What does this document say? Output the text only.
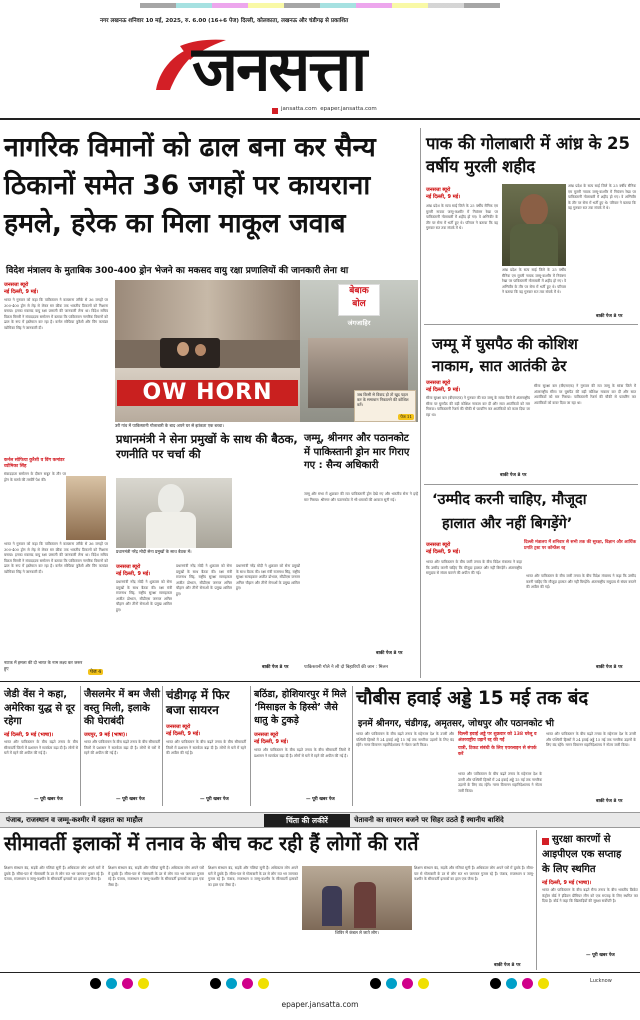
नगर लखनऊ शनिवार 10 मई, 2025, रु. 6.00 (16+6 पेज) दिल्ली, कोलकाता, लखनऊ और चंडीगढ़ से प्रकाशित
जनसत्ता
jansatta.com  epaper.jansatta.com
नागरिक विमानों को ढाल बना कर सैन्य
ठिकानों समेत 36 जगहों पर कायराना
हमले, हरेक का मिला माकूल जवाब
विदेश मंत्रालय के मुताबिक 300-400 ड्रोन भेजने का मकसद वायु रक्षा प्रणालियों की जानकारी लेना था
जनसत्ता ब्यूरो
नई दिल्ली, 9 मई।
भारत ने गुरुवार को कहा कि पाकिस्तान ने कायराना तरीके से 36 जगहों पर 300-400 ड्रोन से लेह से लेकर सर क्रीक तक भारतीय ठिकानों को निशाना बनाया। इनका मकसद वायु रक्षा प्रणाली की जानकारी लेना था। विदेश सचिव विक्रम मिसरी ने संवाददाता सम्मेलन में बताया कि पाकिस्तान नागरिक विमानों को ढाल के रूप में इस्तेमाल कर रहा है। कर्नल सोफिया कुरैशी और विंग कमांडर व्योमिका सिंह ने जानकारी दी।
कर्नल सोफिया कुरैशी व विंग कमांडर व्योमिका सिंह
संवाददाता सम्मेलन के दौरान सबूत के तौर पर ड्रोन के मलबे की तस्वीरें पेश कीं।
भारत ने गुरुवार को कहा कि पाकिस्तान ने कायराना तरीके से 36 जगहों पर 300-400 ड्रोन से लेह से लेकर सर क्रीक तक भारतीय ठिकानों को निशाना बनाया। इनका मकसद वायु रक्षा प्रणाली की जानकारी लेना था। विदेश सचिव विक्रम मिसरी ने संवाददाता सम्मेलन में बताया कि पाकिस्तान नागरिक विमानों को ढाल के रूप में इस्तेमाल कर रहा है। कर्नल सोफिया कुरैशी और विंग कमांडर व्योमिका सिंह ने जानकारी दी।
पेज 4
नाटक में हमला की दो भारत के नाम लक्ष्य कर जरूर हुए
OW HORN
उरी गांव में पाकिस्तानी गोलाबारी के बाद अपने घर से झांकता एक बच्चा।
बेबाक
बोल
जंगजाहिर
जब किसी से विवाद हो तो खुद पहल कर के समाधान निकालने की कोशिश करें।
पेज 11
प्रधानमंत्री ने सेना प्रमुखों के साथ की बैठक, रणनीति पर चर्चा की
प्रधानमंत्री नरेंद्र मोदी सेना प्रमुखों के साथ बैठक में।
जनसत्ता ब्यूरो
नई दिल्ली, 9 मई।
प्रधानमंत्री नरेंद्र मोदी ने शुक्रवार को सेना प्रमुखों के साथ बैठक की। रक्षा मंत्री राजनाथ सिंह, राष्ट्रीय सुरक्षा सलाहकार अजीत डोभाल, सीडीएस जनरल अनिल चौहान और तीनों सेनाओं के प्रमुख शामिल हुए।
प्रधानमंत्री नरेंद्र मोदी ने शुक्रवार को सेना प्रमुखों के साथ बैठक की। रक्षा मंत्री राजनाथ सिंह, राष्ट्रीय सुरक्षा सलाहकार अजीत डोभाल, सीडीएस जनरल अनिल चौहान और तीनों सेनाओं के प्रमुख शामिल हुए।
प्रधानमंत्री नरेंद्र मोदी ने शुक्रवार को सेना प्रमुखों के साथ बैठक की। रक्षा मंत्री राजनाथ सिंह, राष्ट्रीय सुरक्षा सलाहकार अजीत डोभाल, सीडीएस जनरल अनिल चौहान और तीनों सेनाओं के प्रमुख शामिल हुए।
बाकी पेज 8 पर
जम्मू, श्रीनगर और पठानकोट में पाकिस्तानी ड्रोन मार गिराए गए : सैन्य अधिकारी
जम्मू और संभा में शुक्रवार की रात पाकिस्तानी ड्रोन देखे गए और भारतीय सेना ने इन्हें मार गिराया। श्रीनगर और पठानकोट में भी धमाकों की आवाज सुनी गई।
बाकी पेज 8 पर
पाकिस्तानी गोले ने ली दो बिहारियों की जान : मिलन
पाक की गोलाबारी में आंध्र के 25 वर्षीय मुरली शहीद
जनसत्ता ब्यूरो
नई दिल्ली, 9 मई।
आंध्र प्रदेश के सत्य साई जिले के 25 वर्षीय सैनिक एम मुरली नायक जम्मू-कश्मीर में नियंत्रण रेखा पर पाकिस्तानी गोलाबारी में शहीद हो गए। वे अग्निवीर के तौर पर सेना में भर्ती हुए थे। परिवार ने बताया कि वह गुरुवार रात तक संपर्क में थे।
आंध्र प्रदेश के सत्य साई जिले के 25 वर्षीय सैनिक एम मुरली नायक जम्मू-कश्मीर में नियंत्रण रेखा पर पाकिस्तानी गोलाबारी में शहीद हो गए। वे अग्निवीर के तौर पर सेना में भर्ती हुए थे। परिवार ने बताया कि वह गुरुवार रात तक संपर्क में थे।
आंध्र प्रदेश के सत्य साई जिले के 25 वर्षीय सैनिक एम मुरली नायक जम्मू-कश्मीर में नियंत्रण रेखा पर पाकिस्तानी गोलाबारी में शहीद हो गए। वे अग्निवीर के तौर पर सेना में भर्ती हुए थे। परिवार ने बताया कि वह गुरुवार रात तक संपर्क में थे।
बाकी पेज 8 पर
जम्मू में घुसपैठ की कोशिश
नाकाम, सात आतंकी ढेर
जनसत्ता ब्यूरो
नई दिल्ली, 9 मई।
सीमा सुरक्षा बल (बीएसएफ) ने गुरुवार की रात जम्मू के सांबा जिले में अंतरराष्ट्रीय सीमा पर घुसपैठ की बड़ी कोशिश नाकाम कर दी और सात आतंकियों को मार गिराया। पाकिस्तानी रेंजर्स की चौकी से फायरिंग कर आतंकियों को कवर दिया जा रहा था।
सीमा सुरक्षा बल (बीएसएफ) ने गुरुवार की रात जम्मू के सांबा जिले में अंतरराष्ट्रीय सीमा पर घुसपैठ की बड़ी कोशिश नाकाम कर दी और सात आतंकियों को मार गिराया। पाकिस्तानी रेंजर्स की चौकी से फायरिंग कर आतंकियों को कवर दिया जा रहा था।
बाकी पेज 8 पर
‘उम्मीद करनी चाहिए, मौजूदा
हालात और नहीं बिगड़ेंगे’
जनसत्ता ब्यूरो
नई दिल्ली, 9 मई।
दिल्ली मंत्रालय में शनिवार से सभी तक की सुरक्षा, विज्ञान और आर्थिक प्रगति ट्रस्ट पर कॉन्फ्रेंस रद्द
भारत और पाकिस्तान के बीच जारी तनाव के बीच विदेश मंत्रालय ने कहा कि उम्मीद करनी चाहिए कि मौजूदा हालात और नहीं बिगड़ेंगे। अंतरराष्ट्रीय समुदाय से संयम बरतने की अपील की गई।
भारत और पाकिस्तान के बीच जारी तनाव के बीच विदेश मंत्रालय ने कहा कि उम्मीद करनी चाहिए कि मौजूदा हालात और नहीं बिगड़ेंगे। अंतरराष्ट्रीय समुदाय से संयम बरतने की अपील की गई।
बाकी पेज 8 पर
जेडी वेंस ने कहा, अमेरिका युद्ध से दूर रहेगा
नई दिल्ली, 9 मई (भाषा)।
भारत और पाकिस्तान के बीच बढ़ते तनाव के बीच सीमावर्ती जिलों में प्रशासन ने सतर्कता बढ़ा दी है। लोगों से घरों में रहने की अपील की गई है।
— पूरी खबर पेज
जैसलमेर में बम जैसी वस्तु मिली, इलाके की घेराबंदी
जयपुर, 9 मई (भाषा)।
भारत और पाकिस्तान के बीच बढ़ते तनाव के बीच सीमावर्ती जिलों में प्रशासन ने सतर्कता बढ़ा दी है। लोगों से घरों में रहने की अपील की गई है।
— पूरी खबर पेज
चंडीगढ़ में फिर बजा सायरन
जनसत्ता ब्यूरो
नई दिल्ली, 9 मई।
भारत और पाकिस्तान के बीच बढ़ते तनाव के बीच सीमावर्ती जिलों में प्रशासन ने सतर्कता बढ़ा दी है। लोगों से घरों में रहने की अपील की गई है।
— पूरी खबर पेज
बठिंडा, होशियारपुर में मिले ‘मिसाइल के हिस्से’ जैसे धातु के टुकड़े
जनसत्ता ब्यूरो
नई दिल्ली, 9 मई।
भारत और पाकिस्तान के बीच बढ़ते तनाव के बीच सीमावर्ती जिलों में प्रशासन ने सतर्कता बढ़ा दी है। लोगों से घरों में रहने की अपील की गई है।
— पूरी खबर पेज
चौबीस हवाई अड्डे 15 मई तक बंद
इनमें श्रीनगर, चंडीगढ़, अमृतसर, जोधपुर और पठानकोट भी
भारत और पाकिस्तान के बीच बढ़ते तनाव के मद्देनजर देश के उत्तरी और पश्चिमी हिस्सों में 24 हवाई अड्डे 15 मई तक नागरिक उड़ानों के लिए बंद रहेंगे। नागर विमानन महानिदेशालय ने नोटम जारी किया।
दिल्ली हवाई अड्डे पर शुक्रवार को 138 घरेलू व अंतरराष्ट्रीय उड़ानें रद्द की गईं
यात्री, टिकट संबंधी के लिए एयरलाइन से संपर्क करें
भारत और पाकिस्तान के बीच बढ़ते तनाव के मद्देनजर देश के उत्तरी और पश्चिमी हिस्सों में 24 हवाई अड्डे 15 मई तक नागरिक उड़ानों के लिए बंद रहेंगे। नागर विमानन महानिदेशालय ने नोटम जारी किया।
भारत और पाकिस्तान के बीच बढ़ते तनाव के मद्देनजर देश के उत्तरी और पश्चिमी हिस्सों में 24 हवाई अड्डे 15 मई तक नागरिक उड़ानों के लिए बंद रहेंगे। नागर विमानन महानिदेशालय ने नोटम जारी किया।
बाकी पेज 8 पर
पंजाब, राजस्थान व जम्मू-कश्मीर में दहशत का माहौल	चिंता की लकीरें	चेतावनी का सायरन बजने पर सिहर उठते हैं स्थानीय बाशिंदे
सीमावर्ती इलाकों में तनाव के बीच कट रही हैं लोगों की रातें
शिक्षण संस्थान बंद, सड़कें और गलियां सुनी हैं। अधिकतर लोग अपने घरों में दुबके हैं। सीमा-पार से गोलाबारी के डर से लोग रात भर जागकर गुजार रहे हैं। पंजाब, राजस्थान व जम्मू-कश्मीर के सीमावर्ती इलाकों का हाल एक जैसा है।
शिक्षण संस्थान बंद, सड़कें और गलियां सुनी हैं। अधिकतर लोग अपने घरों में दुबके हैं। सीमा-पार से गोलाबारी के डर से लोग रात भर जागकर गुजार रहे हैं। पंजाब, राजस्थान व जम्मू-कश्मीर के सीमावर्ती इलाकों का हाल एक जैसा है।
शिक्षण संस्थान बंद, सड़कें और गलियां सुनी हैं। अधिकतर लोग अपने घरों में दुबके हैं। सीमा-पार से गोलाबारी के डर से लोग रात भर जागकर गुजार रहे हैं। पंजाब, राजस्थान व जम्मू-कश्मीर के सीमावर्ती इलाकों का हाल एक जैसा है।
शिविर में कंबल ले जाते लोग।
शिक्षण संस्थान बंद, सड़कें और गलियां सुनी हैं। अधिकतर लोग अपने घरों में दुबके हैं। सीमा-पार से गोलाबारी के डर से लोग रात भर जागकर गुजार रहे हैं। पंजाब, राजस्थान व जम्मू-कश्मीर के सीमावर्ती इलाकों का हाल एक जैसा है।
बाकी पेज 8 पर
सुरक्षा कारणों से
आइपीएल एक सप्ताह
के लिए स्थगित
नई दिल्ली, 9 मई (भाषा)।
भारत और पाकिस्तान के बीच बढ़ते सैन्य तनाव के बीच भारतीय क्रिकेट कंट्रोल बोर्ड ने इंडियन प्रीमियर लीग को एक सप्ताह के लिए स्थगित कर दिया है। बोर्ड ने कहा कि खिलाड़ियों की सुरक्षा सर्वोपरि है।
— पूरी खबर पेज
Lucknow
epaper.jansatta.com
